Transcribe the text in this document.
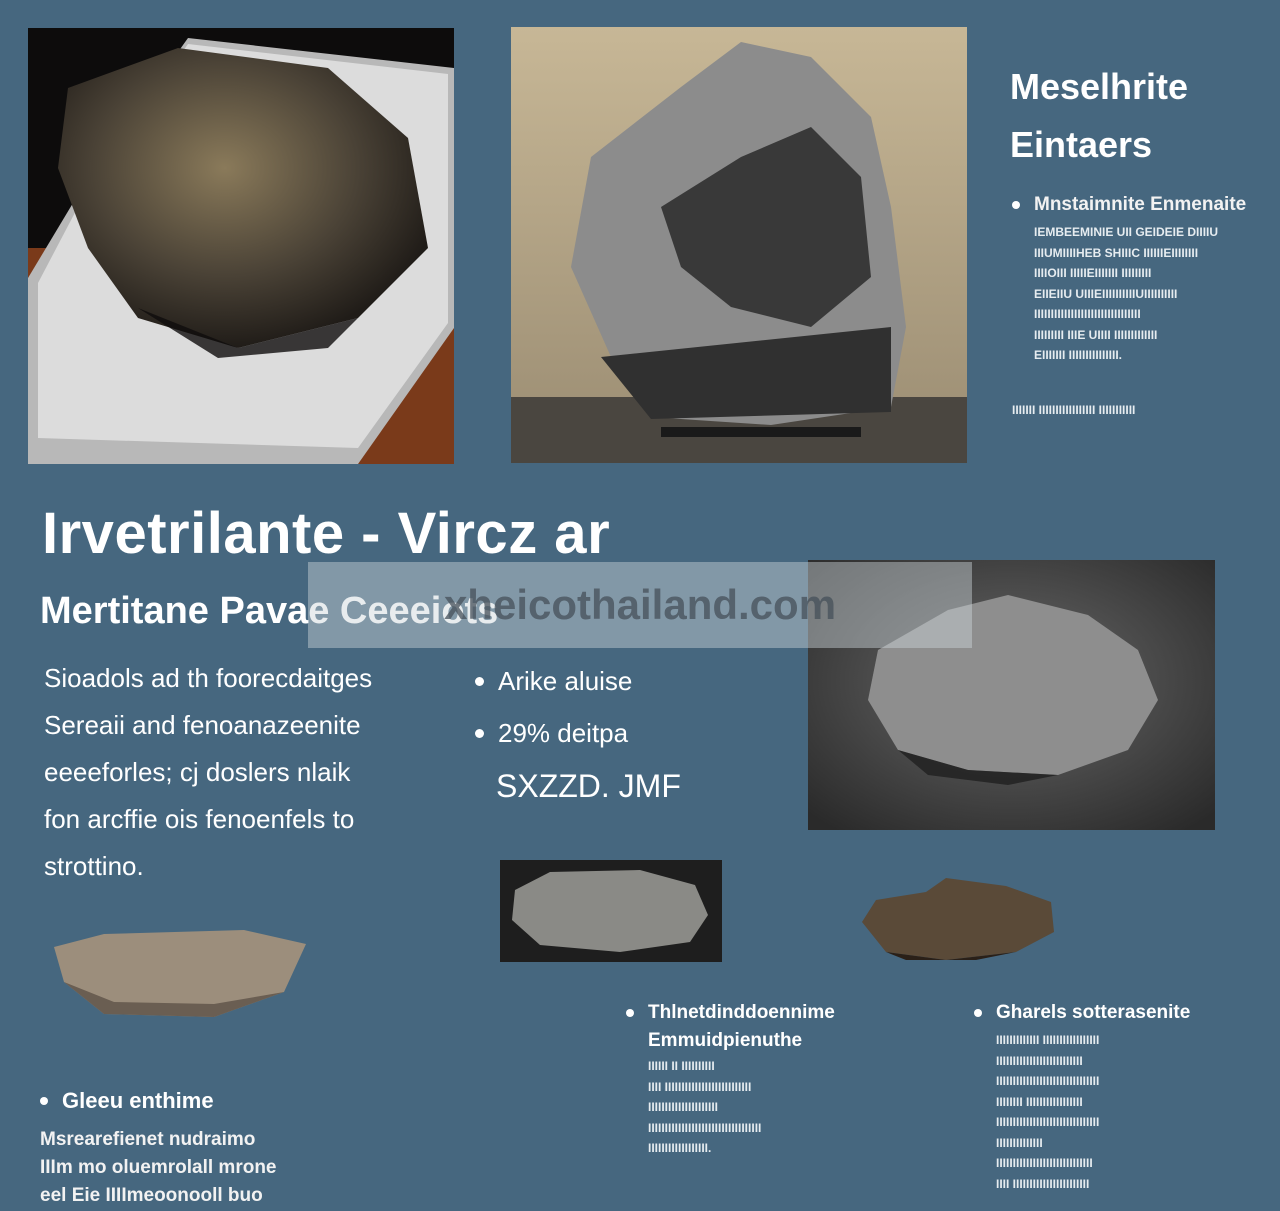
Meselhrite
Eintaers
Mnstaimnite Enmenaite
IEMBEEMINIE UII GEIDEIE DIIIIU
IIIUMIIIIHEB SHIIIC IIIIIIEIIIIIIII
IIIIOIII IIIIIEIIIIIII IIIIIIIII
EIIEIIU UIIIEIIIIIIIIIIUIIIIIIIIII
IIIIIIIIIIIIIIIIIIIIIIIIIIIIIIII
IIIIIIIII IIIE UIIII IIIIIIIIIIIII
EIIIIIII IIIIIIIIIIIIIII.
IIIIIII IIIIIIIIIIIIIIIII IIIIIIIIIII
Irvetrilante - Vircz ar
Mertitane Pavae Ceeeiots
xheicothailand.com
Sioadols ad th foorecdaitges
Sereaii and fenoanazeenite
eeeeforles; cj doslers nlaik
fon arcffie ois fenoenfels to
strottino.
Arike aluise
29% deitpa
SXZZD. JMF
Gleeu enthime
Msrearefienet nudraimo
IIIm mo oluemrolall mrone
eel Eie IIIImeoonooll buo
Thlnetdinddoennime
Emmuidpienuthe
IIIIII II IIIIIIIIII
IIII IIIIIIIIIIIIIIIIIIIIIIIIII
IIIIIIIIIIIIIIIIIIIII
IIIIIIIIIIIIIIIIIIIIIIIIIIIIIIIIII
IIIIIIIIIIIIIIIIII.
Gharels sotterasenite
IIIIIIIIIIIII IIIIIIIIIIIIIIIII
IIIIIIIIIIIIIIIIIIIIIIIIII
IIIIIIIIIIIIIIIIIIIIIIIIIIIIIII
IIIIIIII IIIIIIIIIIIIIIIII
IIIIIIIIIIIIIIIIIIIIIIIIIIIIIII
IIIIIIIIIIIIII
IIIIIIIIIIIIIIIIIIIIIIIIIIIII
IIII IIIIIIIIIIIIIIIIIIIIIII
